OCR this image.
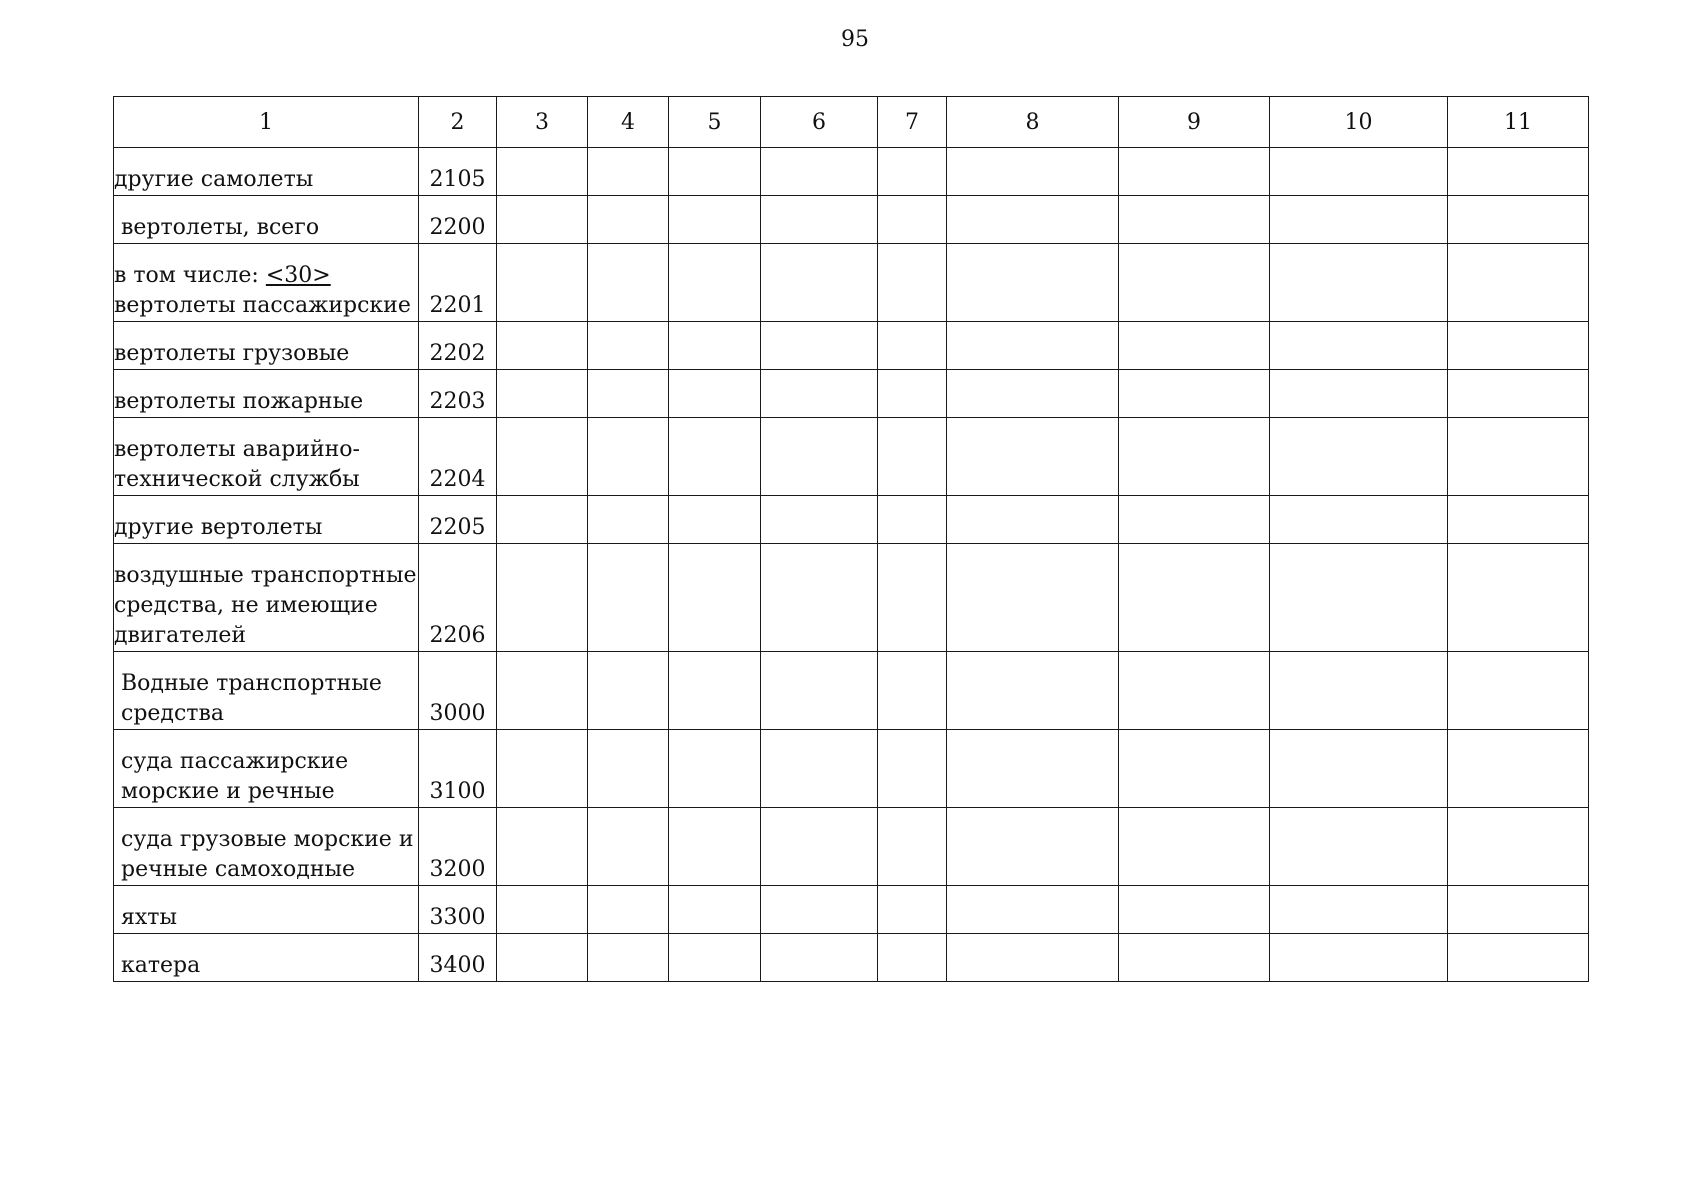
95
1	2	3	4	5	6	7	8	9	10	11
другие самолеты	2105									
вертолеты, всего	2200									
в том числе: <30>
вертолеты пассажирские	2201									
вертолеты грузовые	2202									
вертолеты пожарные	2203									
вертолеты аварийно-
технической службы	2204									
другие вертолеты	2205									
воздушные транспортные
средства, не имеющие
двигателей	2206									
Водные транспортные
средства	3000									
суда пассажирские
морские и речные	3100									
суда грузовые морские и
речные самоходные	3200									
яхты	3300									
катера	3400									
